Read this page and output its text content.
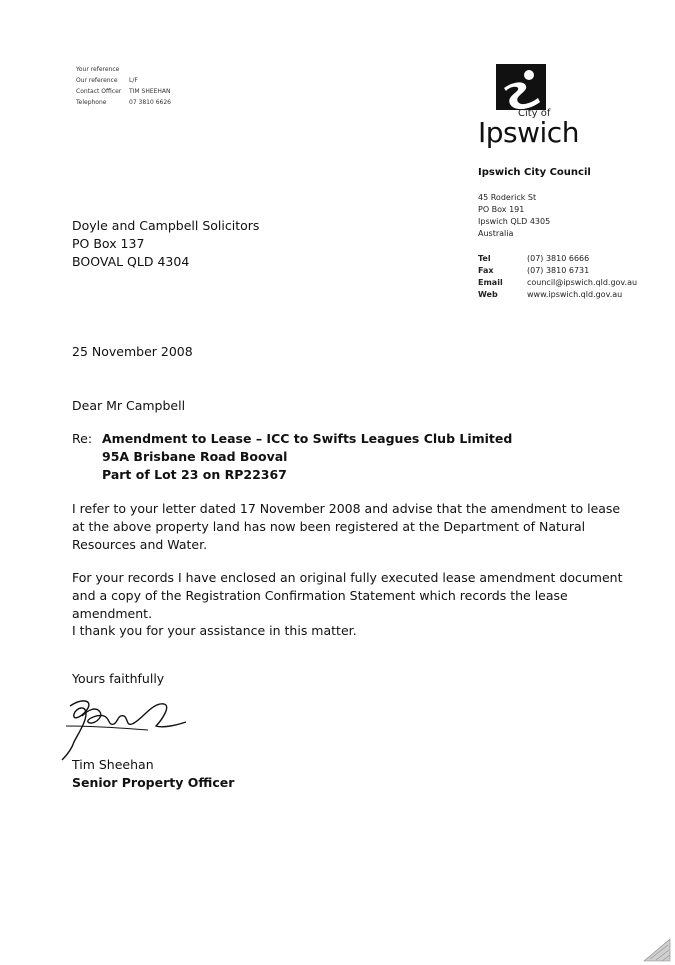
Your reference
Our reference	L/F
Contact Officer	TIM SHEEHAN
Telephone	07 3810 6626
City of
Ipswich
Ipswich City Council
45 Roderick St
PO Box 191
Ipswich QLD 4305
Australia
Tel	(07) 3810 6666
Fax	(07) 3810 6731
Email	council@ipswich.qld.gov.au
Web	www.ipswich.qld.gov.au
Doyle and Campbell Solicitors
PO Box 137
BOOVAL QLD 4304
25 November 2008
Dear Mr Campbell
Re: Amendment to Lease – ICC to Swifts Leagues Club Limited
95A Brisbane Road Booval
Part of Lot 23 on RP22367
I refer to your letter dated 17 November 2008 and advise that the amendment to lease at the above property land has now been registered at the Department of Natural Resources and Water.
For your records I have enclosed an original fully executed lease amendment document and a copy of the Registration Confirmation Statement which records the lease amendment.
I thank you for your assistance in this matter.
Yours faithfully
Tim Sheehan
Senior Property Officer
